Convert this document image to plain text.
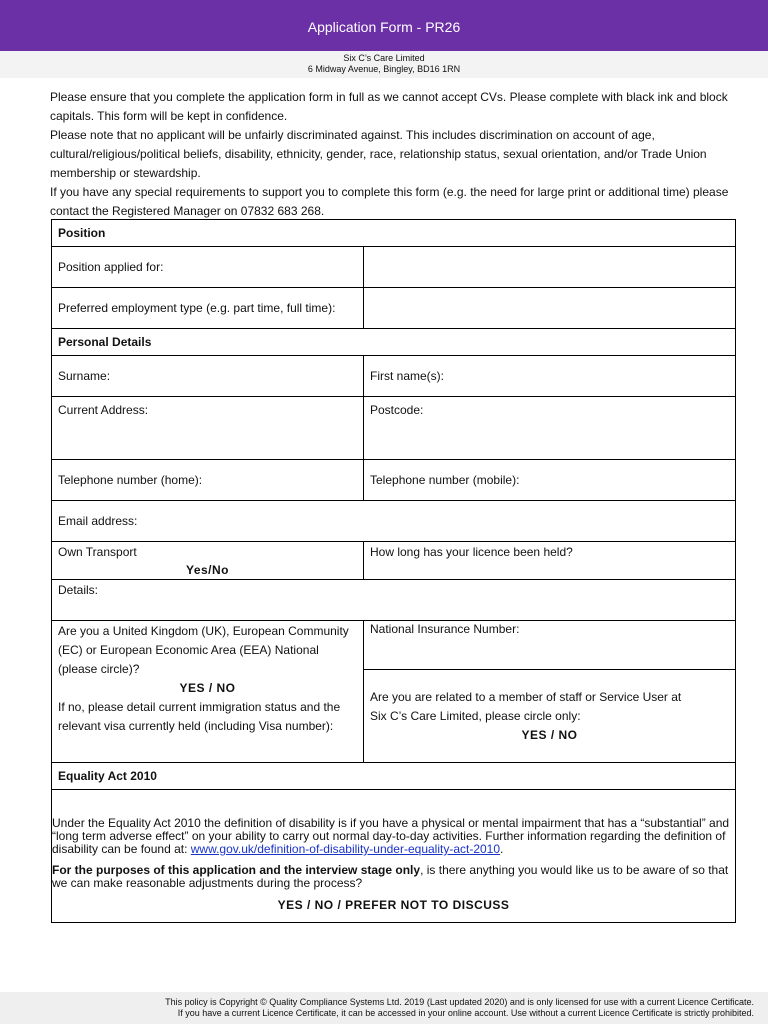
Application Form - PR26
Six C’s Care Limited
6 Midway Avenue, Bingley, BD16 1RN

Please ensure that you complete the application form in full as we cannot accept CVs. Please complete with black ink and block capitals. This form will be kept in confidence.

Please note that no applicant will be unfairly discriminated against. This includes discrimination on account of age, cultural/religious/political beliefs, disability, ethnicity, gender, race, relationship status, sexual orientation, and/or Trade Union membership or stewardship.

If you have any special requirements to support you to complete this form (e.g. the need for large print or additional time) please contact the Registered Manager on 07832 683 268.

Position	
Position applied for:	
Preferred employment type (e.g. part time, full time):	
Personal Details	
Surname:	First name(s):
Current Address:	Postcode:
Telephone number (home):	Telephone number (mobile):
Email address:	

Own Transport
Yes/No	How long has your licence been held?
Details:	

Are you a United Kingdom (UK), European Community (EC) or European Economic Area (EEA) National (please circle)?
YES / NO
If no, please detail current immigration status and the relevant visa currently held (including Visa number):	National Insurance Number:

	Are you are related to a member of staff or Service User at
Six C’s Care Limited, please circle only:
YES / NO

Equality Act 2010	

Under the Equality Act 2010 the definition of disability is if you have a physical or mental impairment that has a “substantial” and “long term adverse effect” on your ability to carry out normal day-to-day activities. Further information regarding the definition of disability can be found at: www.gov.uk/definition-of-disability-under-equality-act-2010.

For the purposes of this application and the interview stage only, is there anything you would like us to be aware of so that we can make reasonable adjustments during the process?

YES / NO / PREFER NOT TO DISCUSS	
This policy is Copyright © Quality Compliance Systems Ltd. 2019 (Last updated 2020) and is only licensed for use with a current Licence Certificate.
If you have a current Licence Certificate, it can be accessed in your online account. Use without a current Licence Certificate is strictly prohibited.
